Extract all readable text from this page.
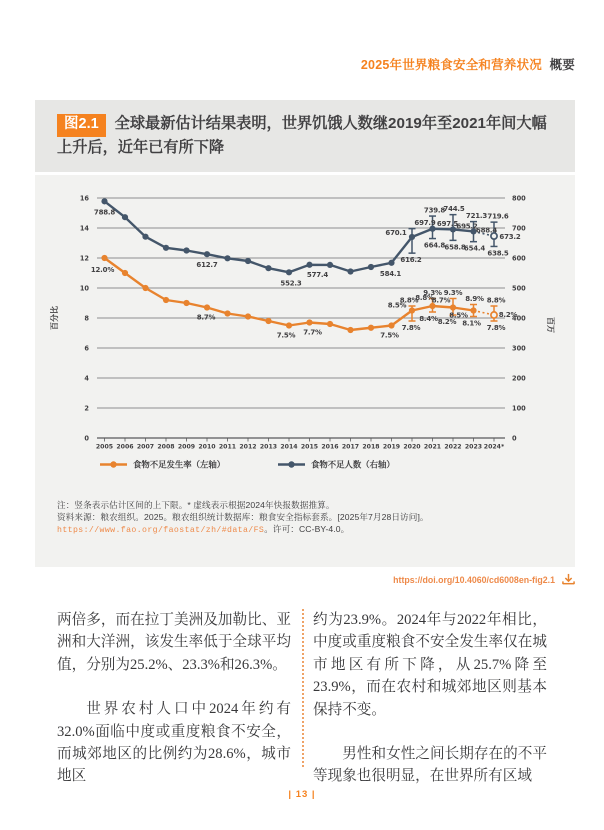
2025年世界粮食安全和营养状况 概要
图2.1 全球最新估计结果表明，世界饥饿人数继2019年至2021年间大幅上升后，近年已有所下降
0
2
4
6
8
10
12
14
16
0
100
200
300
400
500
600
700
800
2005 2006 2007 2008 2009 2010 2011 2012 2013 2014 2015 2016 2017 2018 2019 2020 2021 2022 2023 2024*
百分比	百万
788.8
612.7
552.3
577.4	584.1
670.1
697.5
695.2
688.4
673.2
697.9
616.2
739.8
664.8
744.5
658.8
721.3
654.4
719.6
638.5
12.0%
8.7%
7.5% 7.7%	7.5%
8.5%
8.8%
8.7%
8.5%	8.2%
8.8%
7.8%
9.3%
8.4%
9.3%
8.2%
8.9%
8.1%
8.8%
7.8%
食物不足发生率（左轴）	食物不足人数（右轴）
注：竖条表示估计区间的上下限。* 虚线表示根据2024年快报数据推算。
资料来源：粮农组织。2025。粮农组织统计数据库：粮食安全指标套系。[2025年7月28日访问]。https://www.fao.org/faostat/zh/#data/FS。许可：CC-BY-4.0。
https://doi.org/10.4060/cd6008en-fig2.1

两倍多，而在拉丁美洲及加勒比、亚洲和大洋洲，该发生率低于全球平均值，分别为25.2%、23.3%和26.3%。

世界农村人口中2024年约有32.0%面临中度或重度粮食不安全，而城郊地区的比例约为28.6%，城市地区

约为23.9%。2024年与2022年相比，中度或重度粮食不安全发生率仅在城市地区有所下降，从25.7%降至23.9%，而在农村和城郊地区则基本保持不变。

男性和女性之间长期存在的不平等现象也很明显，在世界所有区域

| 13 |
